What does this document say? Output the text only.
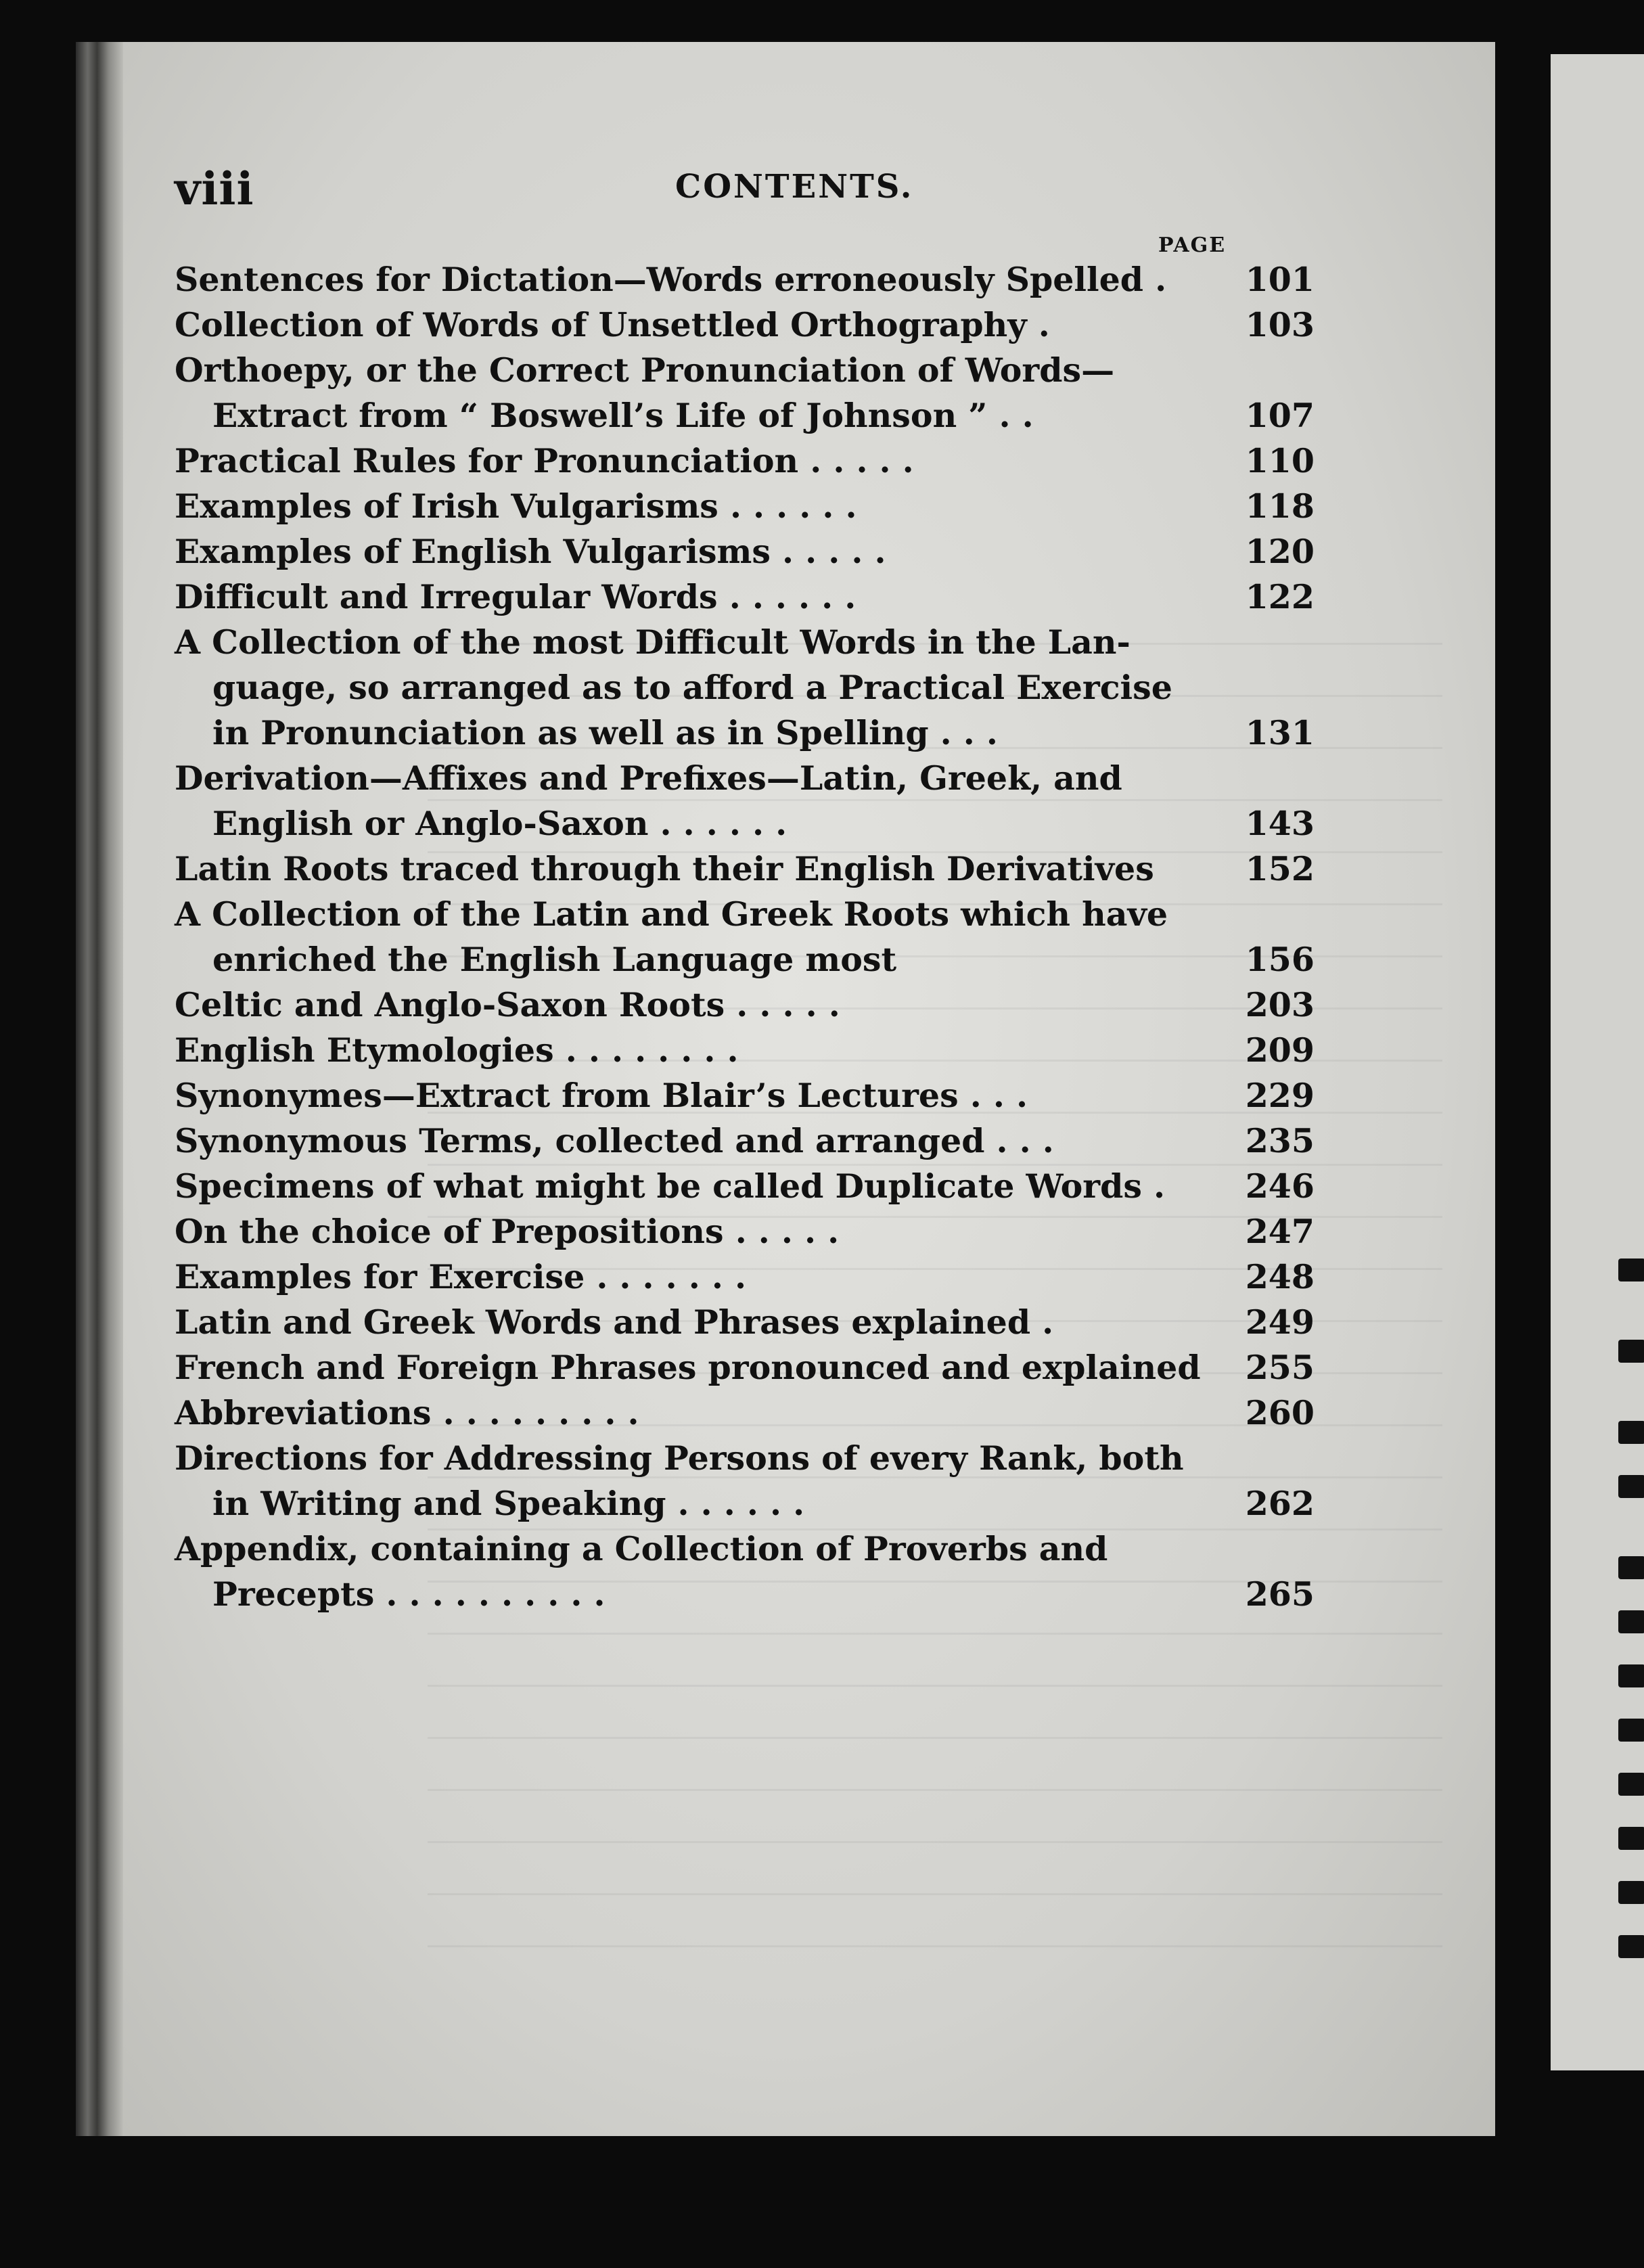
viii	CONTENTS.
PAGE
Sentences for Dictation—Words erroneously Spelled .	101
Collection of Words of Unsettled Orthography .	103
Orthoepy, or the Correct Pronunciation of Words—
Extract from “ Boswell’s Life of Johnson ” . .	107
Practical Rules for Pronunciation . . . . .	110
Examples of Irish Vulgarisms . . . . . .	118
Examples of English Vulgarisms . . . . .	120
Difficult and Irregular Words . . . . . .	122
A Collection of the most Difficult Words in the Lan-
guage, so arranged as to afford a Practical Exercise
in Pronunciation as well as in Spelling . . .	131
Derivation—Affixes and Prefixes—Latin, Greek, and
English or Anglo-Saxon . . . . . .	143
Latin Roots traced through their English Derivatives	152
A Collection of the Latin and Greek Roots which have
enriched the English Language most	156
Celtic and Anglo-Saxon Roots . . . . .	203
English Etymologies . . . . . . . .	209
Synonymes—Extract from Blair’s Lectures . . .	229
Synonymous Terms, collected and arranged . . .	235
Specimens of what might be called Duplicate Words .	246
On the choice of Prepositions . . . . .	247
Examples for Exercise . . . . . . .	248
Latin and Greek Words and Phrases explained .	249
French and Foreign Phrases pronounced and explained	255
Abbreviations . . . . . . . . .	260
Directions for Addressing Persons of every Rank, both
in Writing and Speaking . . . . . .	262
Appendix, containing a Collection of Proverbs and
Precepts . . . . . . . . . .	265
